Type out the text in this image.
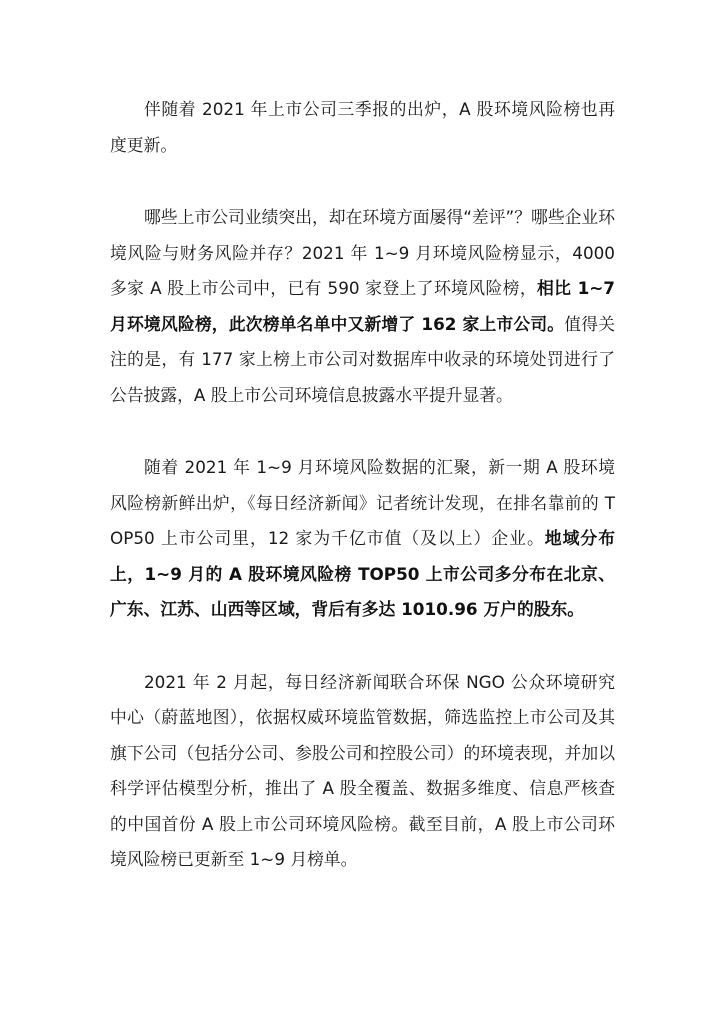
伴随着 2021 年上市公司三季报的出炉，A 股环境风险榜也再度更新。

哪些上市公司业绩突出，却在环境方面屡得“差评”？哪些企业环境风险与财务风险并存？2021 年 1~9 月环境风险榜显示，4000 多家 A 股上市公司中，已有 590 家登上了环境风险榜，相比 1~7 月环境风险榜，此次榜单名单中又新增了 162 家上市公司。值得关注的是，有 177 家上榜上市公司对数据库中收录的环境处罚进行了公告披露，A 股上市公司环境信息披露水平提升显著。

随着 2021 年 1~9 月环境风险数据的汇聚，新一期 A 股环境风险榜新鲜出炉，《每日经济新闻》记者统计发现，在排名靠前的 TOP50 上市公司里，12 家为千亿市值（及以上）企业。地域分布上，1~9 月的 A 股环境风险榜 TOP50 上市公司多分布在北京、广东、江苏、山西等区域，背后有多达 1010.96 万户的股东。

2021 年 2 月起，每日经济新闻联合环保 NGO 公众环境研究中心（蔚蓝地图），依据权威环境监管数据，筛选监控上市公司及其旗下公司（包括分公司、参股公司和控股公司）的环境表现，并加以科学评估模型分析，推出了 A 股全覆盖、数据多维度、信息严核查的中国首份 A 股上市公司环境风险榜。截至目前，A 股上市公司环境风险榜已更新至 1~9 月榜单。
